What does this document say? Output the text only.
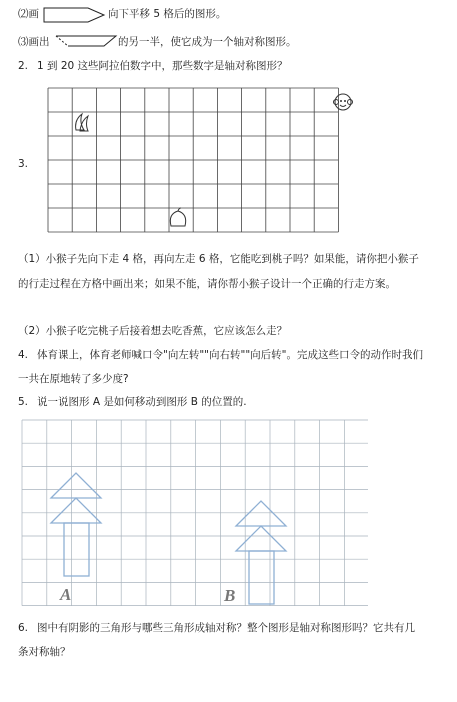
⑵画	向下平移 5 格后的图形。
⑶画出	的另一半，使它成为一个轴对称图形。
2. 1 到 20 这些阿拉伯数字中，那些数字是轴对称图形？
3.
（1）小猴子先向下走 4 格，再向左走 6 格，它能吃到桃子吗？如果能，请你把小猴子
的行走过程在方格中画出来；如果不能，请你帮小猴子设计一个正确的行走方案。
（2）小猴子吃完桃子后接着想去吃香蕉，它应该怎么走？
4. 体育课上，体育老师喊口令"向左转""向右转""向后转"。完成这些口令的动作时我们
一共在原地转了多少度?
5. 说一说图形 A 是如何移动到图形 B 的位置的.
A	B
6. 图中有阴影的三角形与哪些三角形成轴对称？整个图形是轴对称图形吗？它共有几
条对称轴？
